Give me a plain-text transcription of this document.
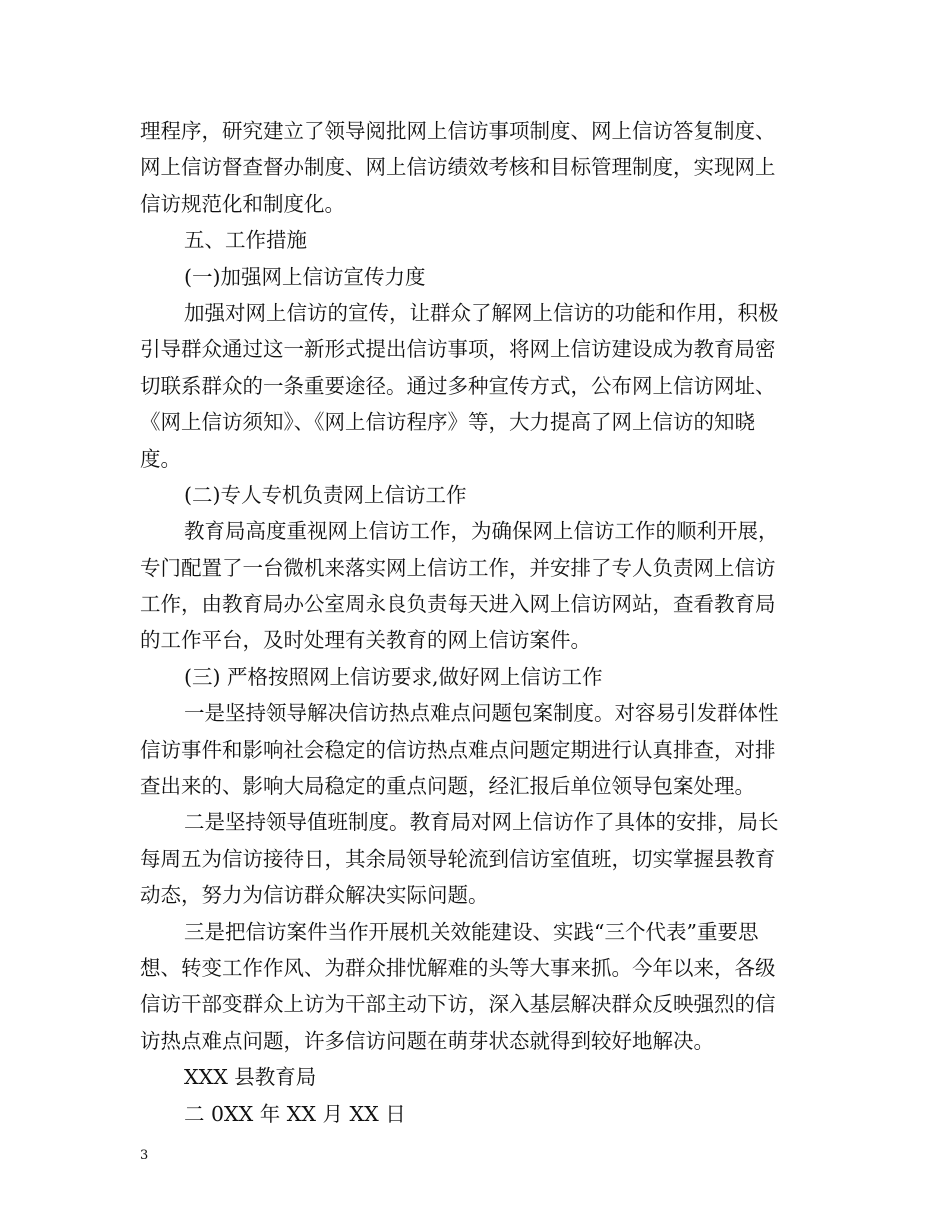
理程序，研究建立了领导阅批网上信访事项制度、网上信访答复制度、
网上信访督查督办制度、网上信访绩效考核和目标管理制度，实现网上
信访规范化和制度化。
五、工作措施
(一)加强网上信访宣传力度
加强对网上信访的宣传，让群众了解网上信访的功能和作用，积极
引导群众通过这一新形式提出信访事项，将网上信访建设成为教育局密
切联系群众的一条重要途径。通过多种宣传方式，公布网上信访网址、
《网上信访须知》、《网上信访程序》等，大力提高了网上信访的知晓
度。
(二)专人专机负责网上信访工作
教育局高度重视网上信访工作，为确保网上信访工作的顺利开展，
专门配置了一台微机来落实网上信访工作，并安排了专人负责网上信访
工作，由教育局办公室周永良负责每天进入网上信访网站，查看教育局
的工作平台，及时处理有关教育的网上信访案件。
(三) 严格按照网上信访要求,做好网上信访工作
一是坚持领导解决信访热点难点问题包案制度。对容易引发群体性
信访事件和影响社会稳定的信访热点难点问题定期进行认真排查，对排
查出来的、影响大局稳定的重点问题，经汇报后单位领导包案处理。
二是坚持领导值班制度。教育局对网上信访作了具体的安排，局长
每周五为信访接待日，其余局领导轮流到信访室值班，切实掌握县教育
动态，努力为信访群众解决实际问题。
三是把信访案件当作开展机关效能建设、实践“三个代表”重要思
想、转变工作作风、为群众排忧解难的头等大事来抓。今年以来，各级
信访干部变群众上访为干部主动下访，深入基层解决群众反映强烈的信
访热点难点问题，许多信访问题在萌芽状态就得到较好地解决。
XXX 县教育局
二 0XX 年 XX 月 XX 日
3
